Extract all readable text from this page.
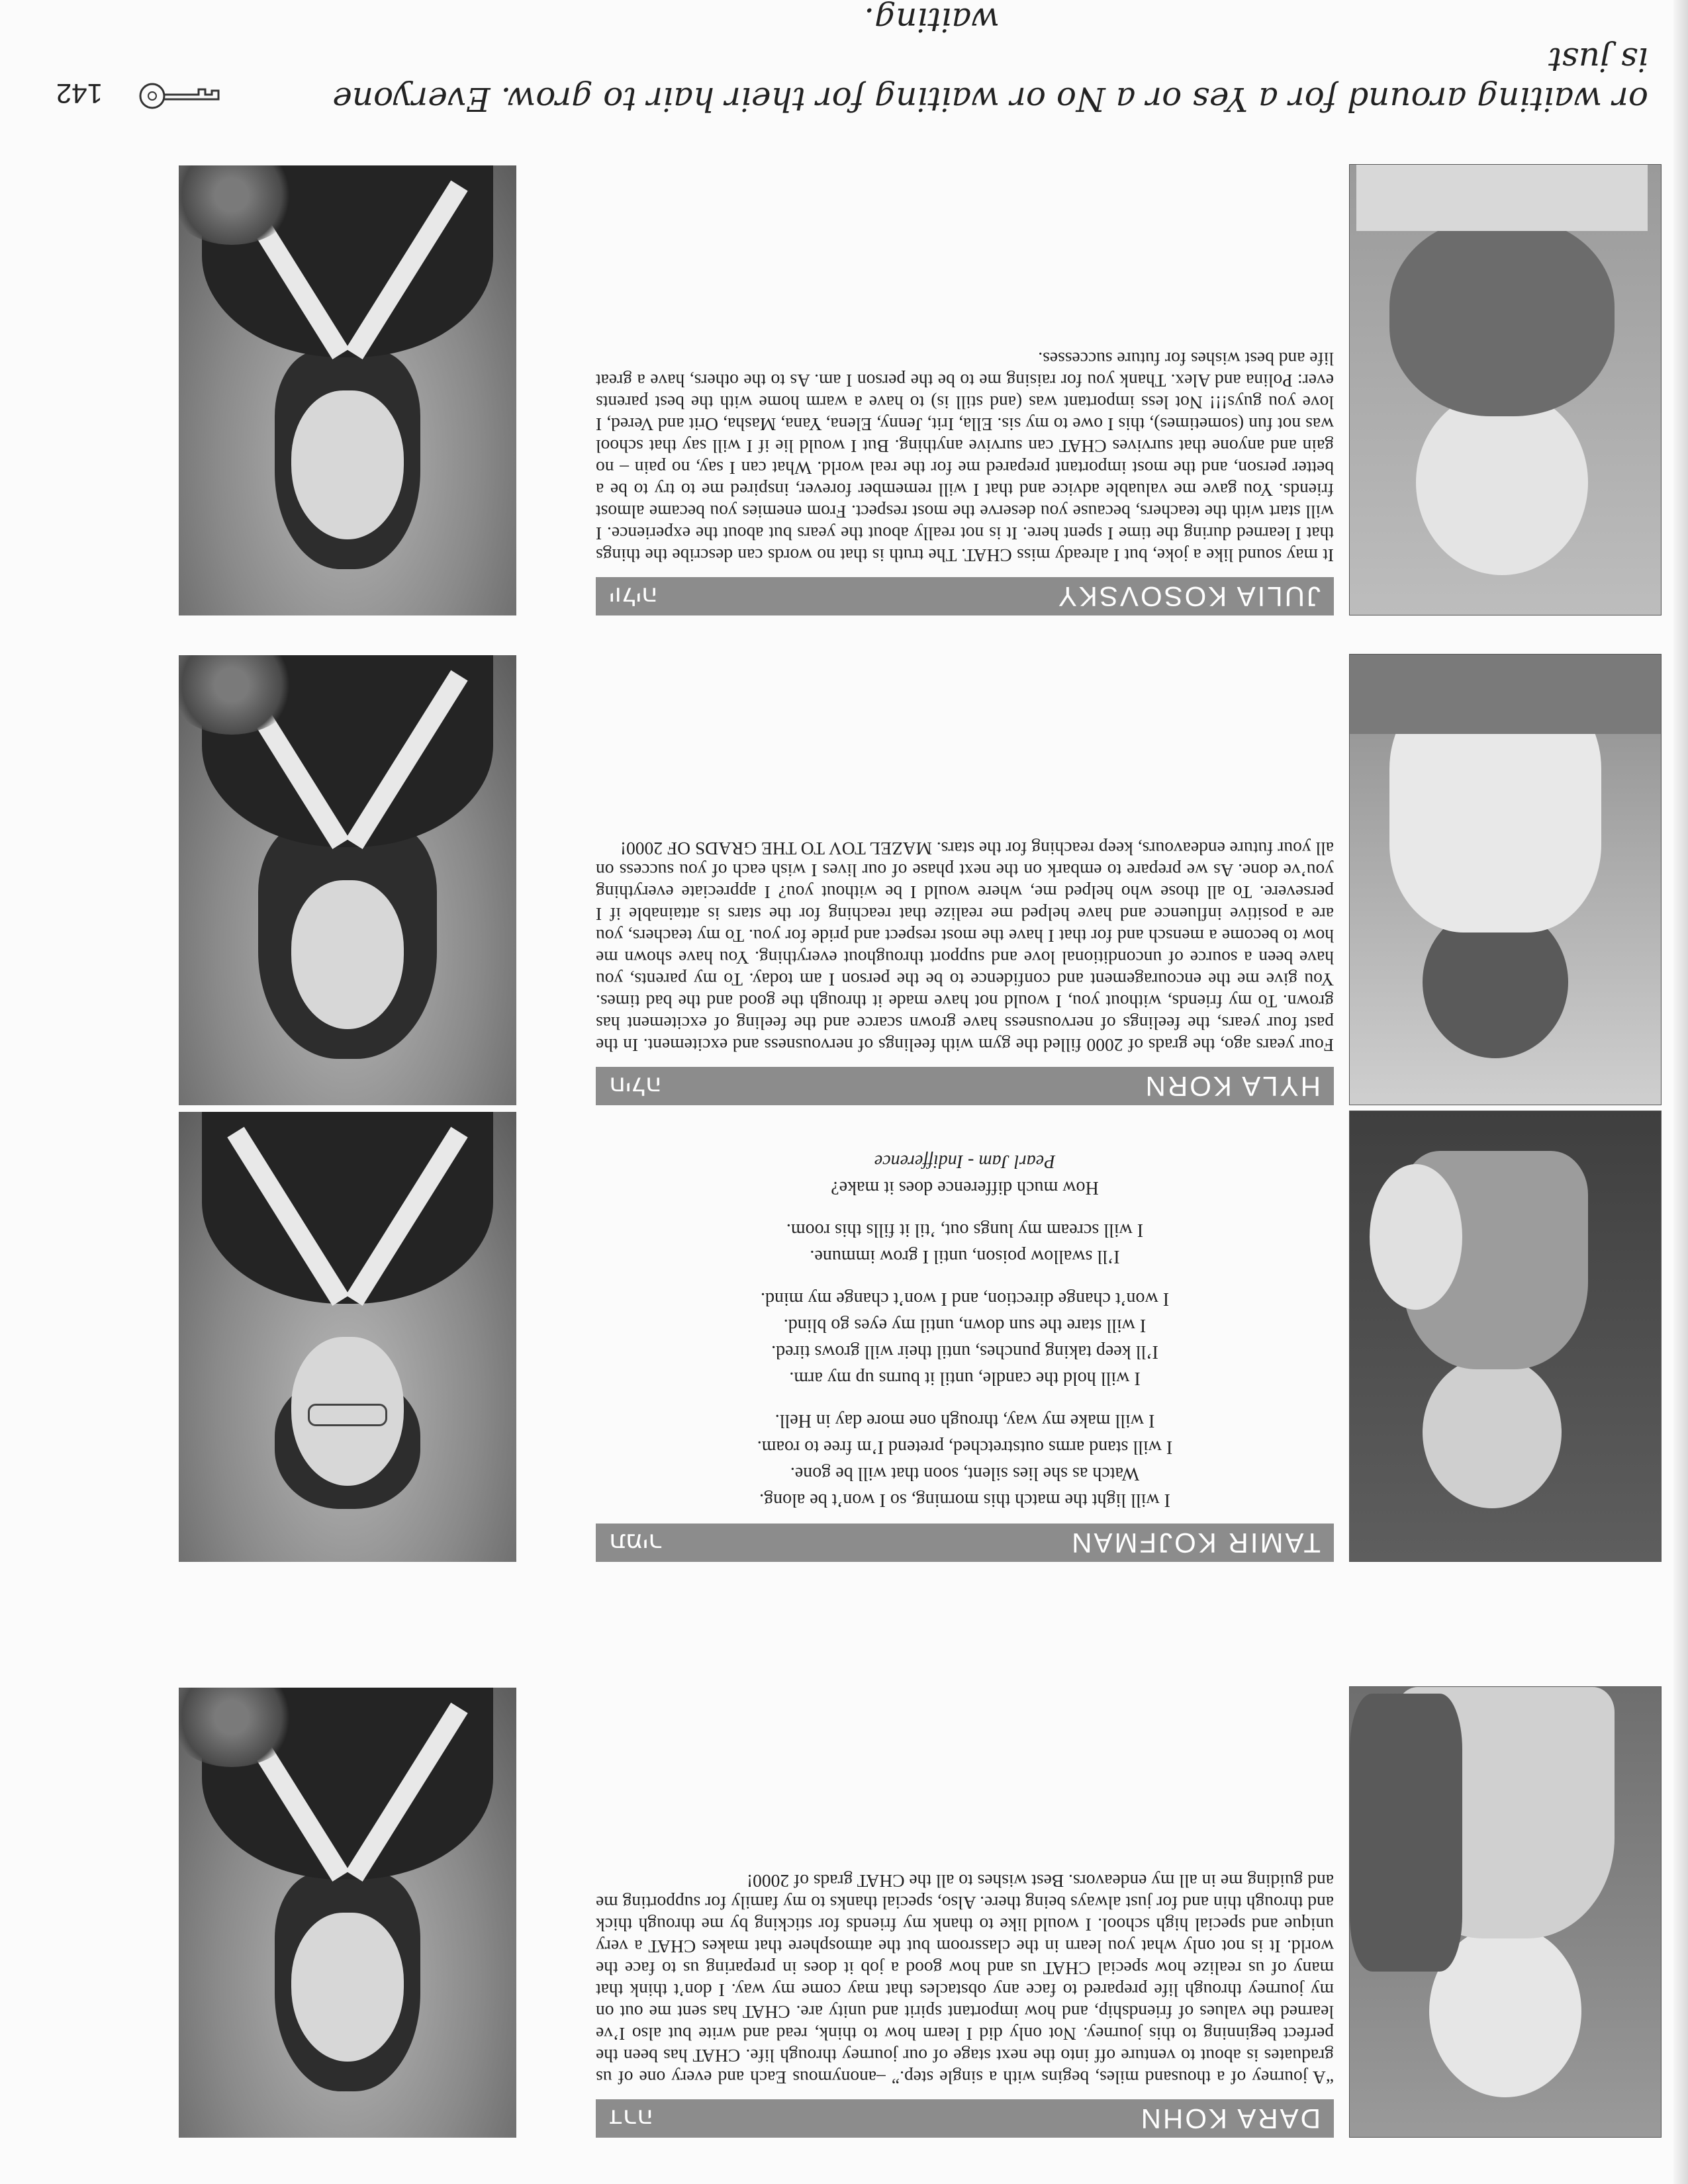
DARA KOHN
דרה
“A journey of a thousand miles, begins with a single step.” –anonymous Each and every one of us graduates is about to venture off into the next stage of our journey through life. CHAT has been the perfect beginning to this journey. Not only did I learn how to think, read and write but also I’ve learned the values of friendship, and how important spirit and unity are. CHAT has sent me out on my journey through life prepared to face any obstacles that may come my way. I don’t think that many of us realize how special CHAT us and how good a job it does in preparing us to face the world. It is not only what you learn in the classroom but the atmosphere that makes CHAT a very unique and special high school. I would like to thank my friends for sticking by me through thick and through thin and for just always being there. Also, special thanks to my family for supporting me and guiding me in all my endeavors. Best wishes to all the CHAT grads of 2000!
TAMIR KOJFMAN
תמיר
I will light the match this morning, so I won’t be along.
Watch as she lies silent, soon that will be gone.
I will stand arms outstretched, pretend I’m free to roam.
I will make my way, through one more day in Hell.
I will hold the candle, until it burns up my arm.
I’ll keep taking punches, until their will grows tired.
I will stare the sun down, until my eyes go blind.
I won’t change direction, and I won’t change my mind.
I’ll swallow poison, until I grow immune.
I will scream my lungs out, ’til it fills this room.
How much difference does it make?
Pearl Jam - Indifference
HYLA KORN
חילה
Four years ago, the grads of 2000 filled the gym with feelings of nervousness and excitement. In the past four years, the feelings of nervousness have grown scarce and the feeling of excitement has grown. To my friends, without you, I would not have made it through the good and the bad times. You give me the encouragement and confidence to be the person I am today. To my parents, you have been a source of unconditional love and support throughout everything. You have shown me how to become a mensch and for that I have the most respect and pride for you. To my teachers, you are a positive influence and have helped me realize that reaching for the stars is attainable if I persevere. To all those who helped me, where would I be without you? I appreciate everything you’ve done. As we prepare to embark on the next phase of our lives I wish each of you success on all your future endeavours, keep reaching for the stars. MAZEL TOV TO THE GRADS OF 2000!
JULIA KOSOVSKY
יוליה
It may sound like a joke, but I already miss CHAT. The truth is that no words can describe the things that I learned during the time I spent here. It is not really about the years but about the experience. I will start with the teachers, because you deserve the most respect. From enemies you became almost friends. You gave me valuable advice and that I will remember forever, inspired me to try to be a better person, and the most important prepared me for the real world. What can I say, no pain – no gain and anyone that survives CHAT can survive anything. But I would lie if I will say that school was not fun (sometimes), this I owe to my sis. Ella, Irit, Jenny, Elena, Yana, Masha, Orit and Vered, I love you guys!!! Not less important was (and still is) to have a warm home with the best parents ever: Polina and Alex. Thank you for raising me to be the person I am. As to the others, have a great life and best wishes for future successes.
or waiting around for a Yes or a No or waiting for their hair to grow. Everyone is just
waiting.
142
